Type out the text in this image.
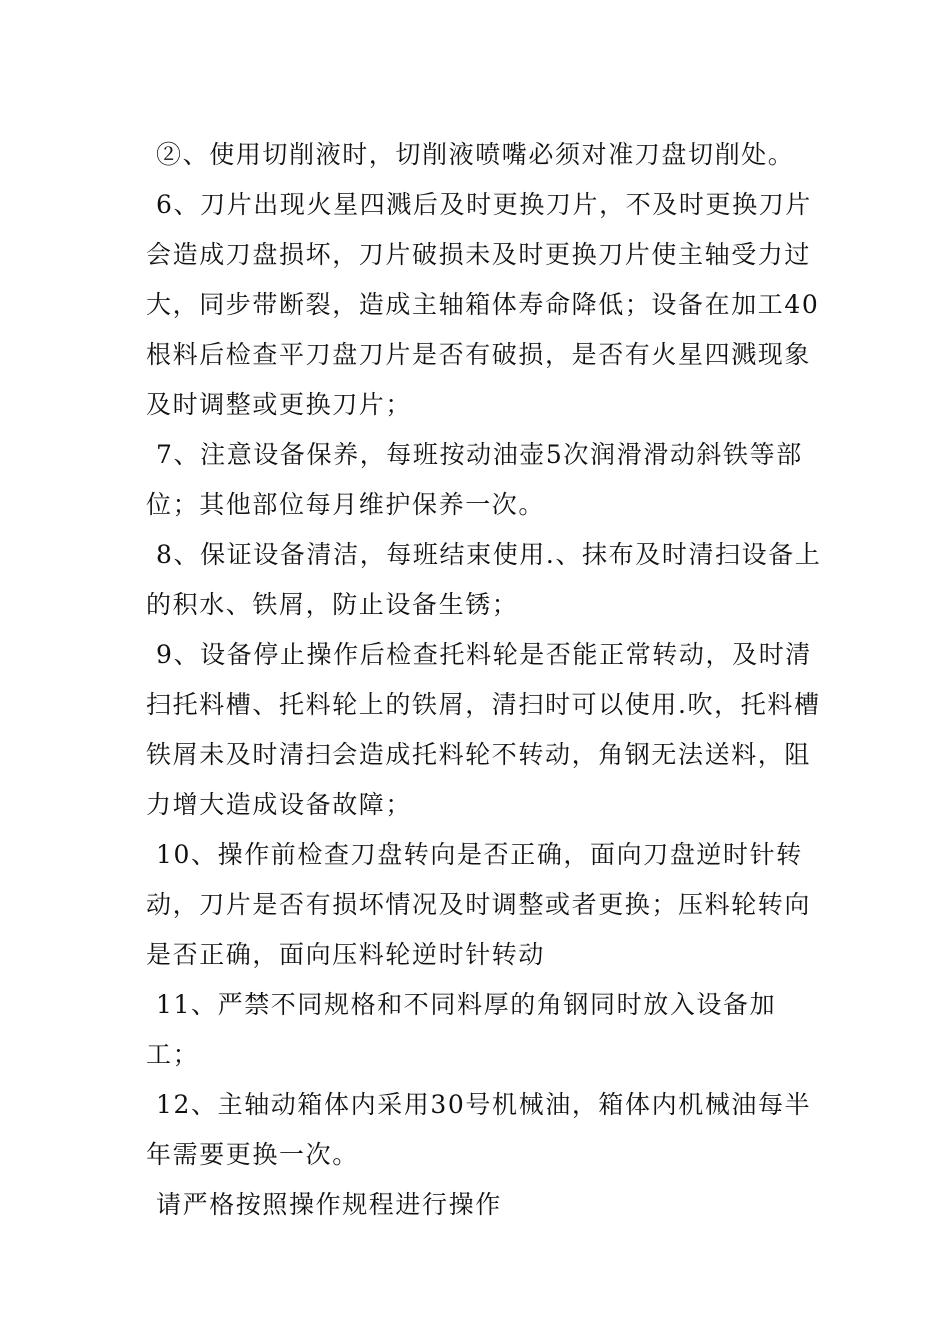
②、使用切削液时，切削液喷嘴必须对准刀盘切削处。

6、刀片出现火星四溅后及时更换刀片，不及时更换刀片会造成刀盘损坏，刀片破损未及时更换刀片使主轴受力过大，同步带断裂，造成主轴箱体寿命降低；设备在加工40根料后检查平刀盘刀片是否有破损，是否有火星四溅现象及时调整或更换刀片；

7、注意设备保养，每班按动油壶5次润滑滑动斜铁等部位；其他部位每月维护保养一次。

8、保证设备清洁，每班结束使用.、抹布及时清扫设备上的积水、铁屑，防止设备生锈；

9、设备停止操作后检查托料轮是否能正常转动，及时清扫托料槽、托料轮上的铁屑，清扫时可以使用.吹，托料槽铁屑未及时清扫会造成托料轮不转动，角钢无法送料，阻力增大造成设备故障；

10、操作前检查刀盘转向是否正确，面向刀盘逆时针转动，刀片是否有损坏情况及时调整或者更换；压料轮转向是否正确，面向压料轮逆时针转动

11、严禁不同规格和不同料厚的角钢同时放入设备加工；

12、主轴动箱体内采用30号机械油，箱体内机械油每半年需要更换一次。

请严格按照操作规程进行操作
